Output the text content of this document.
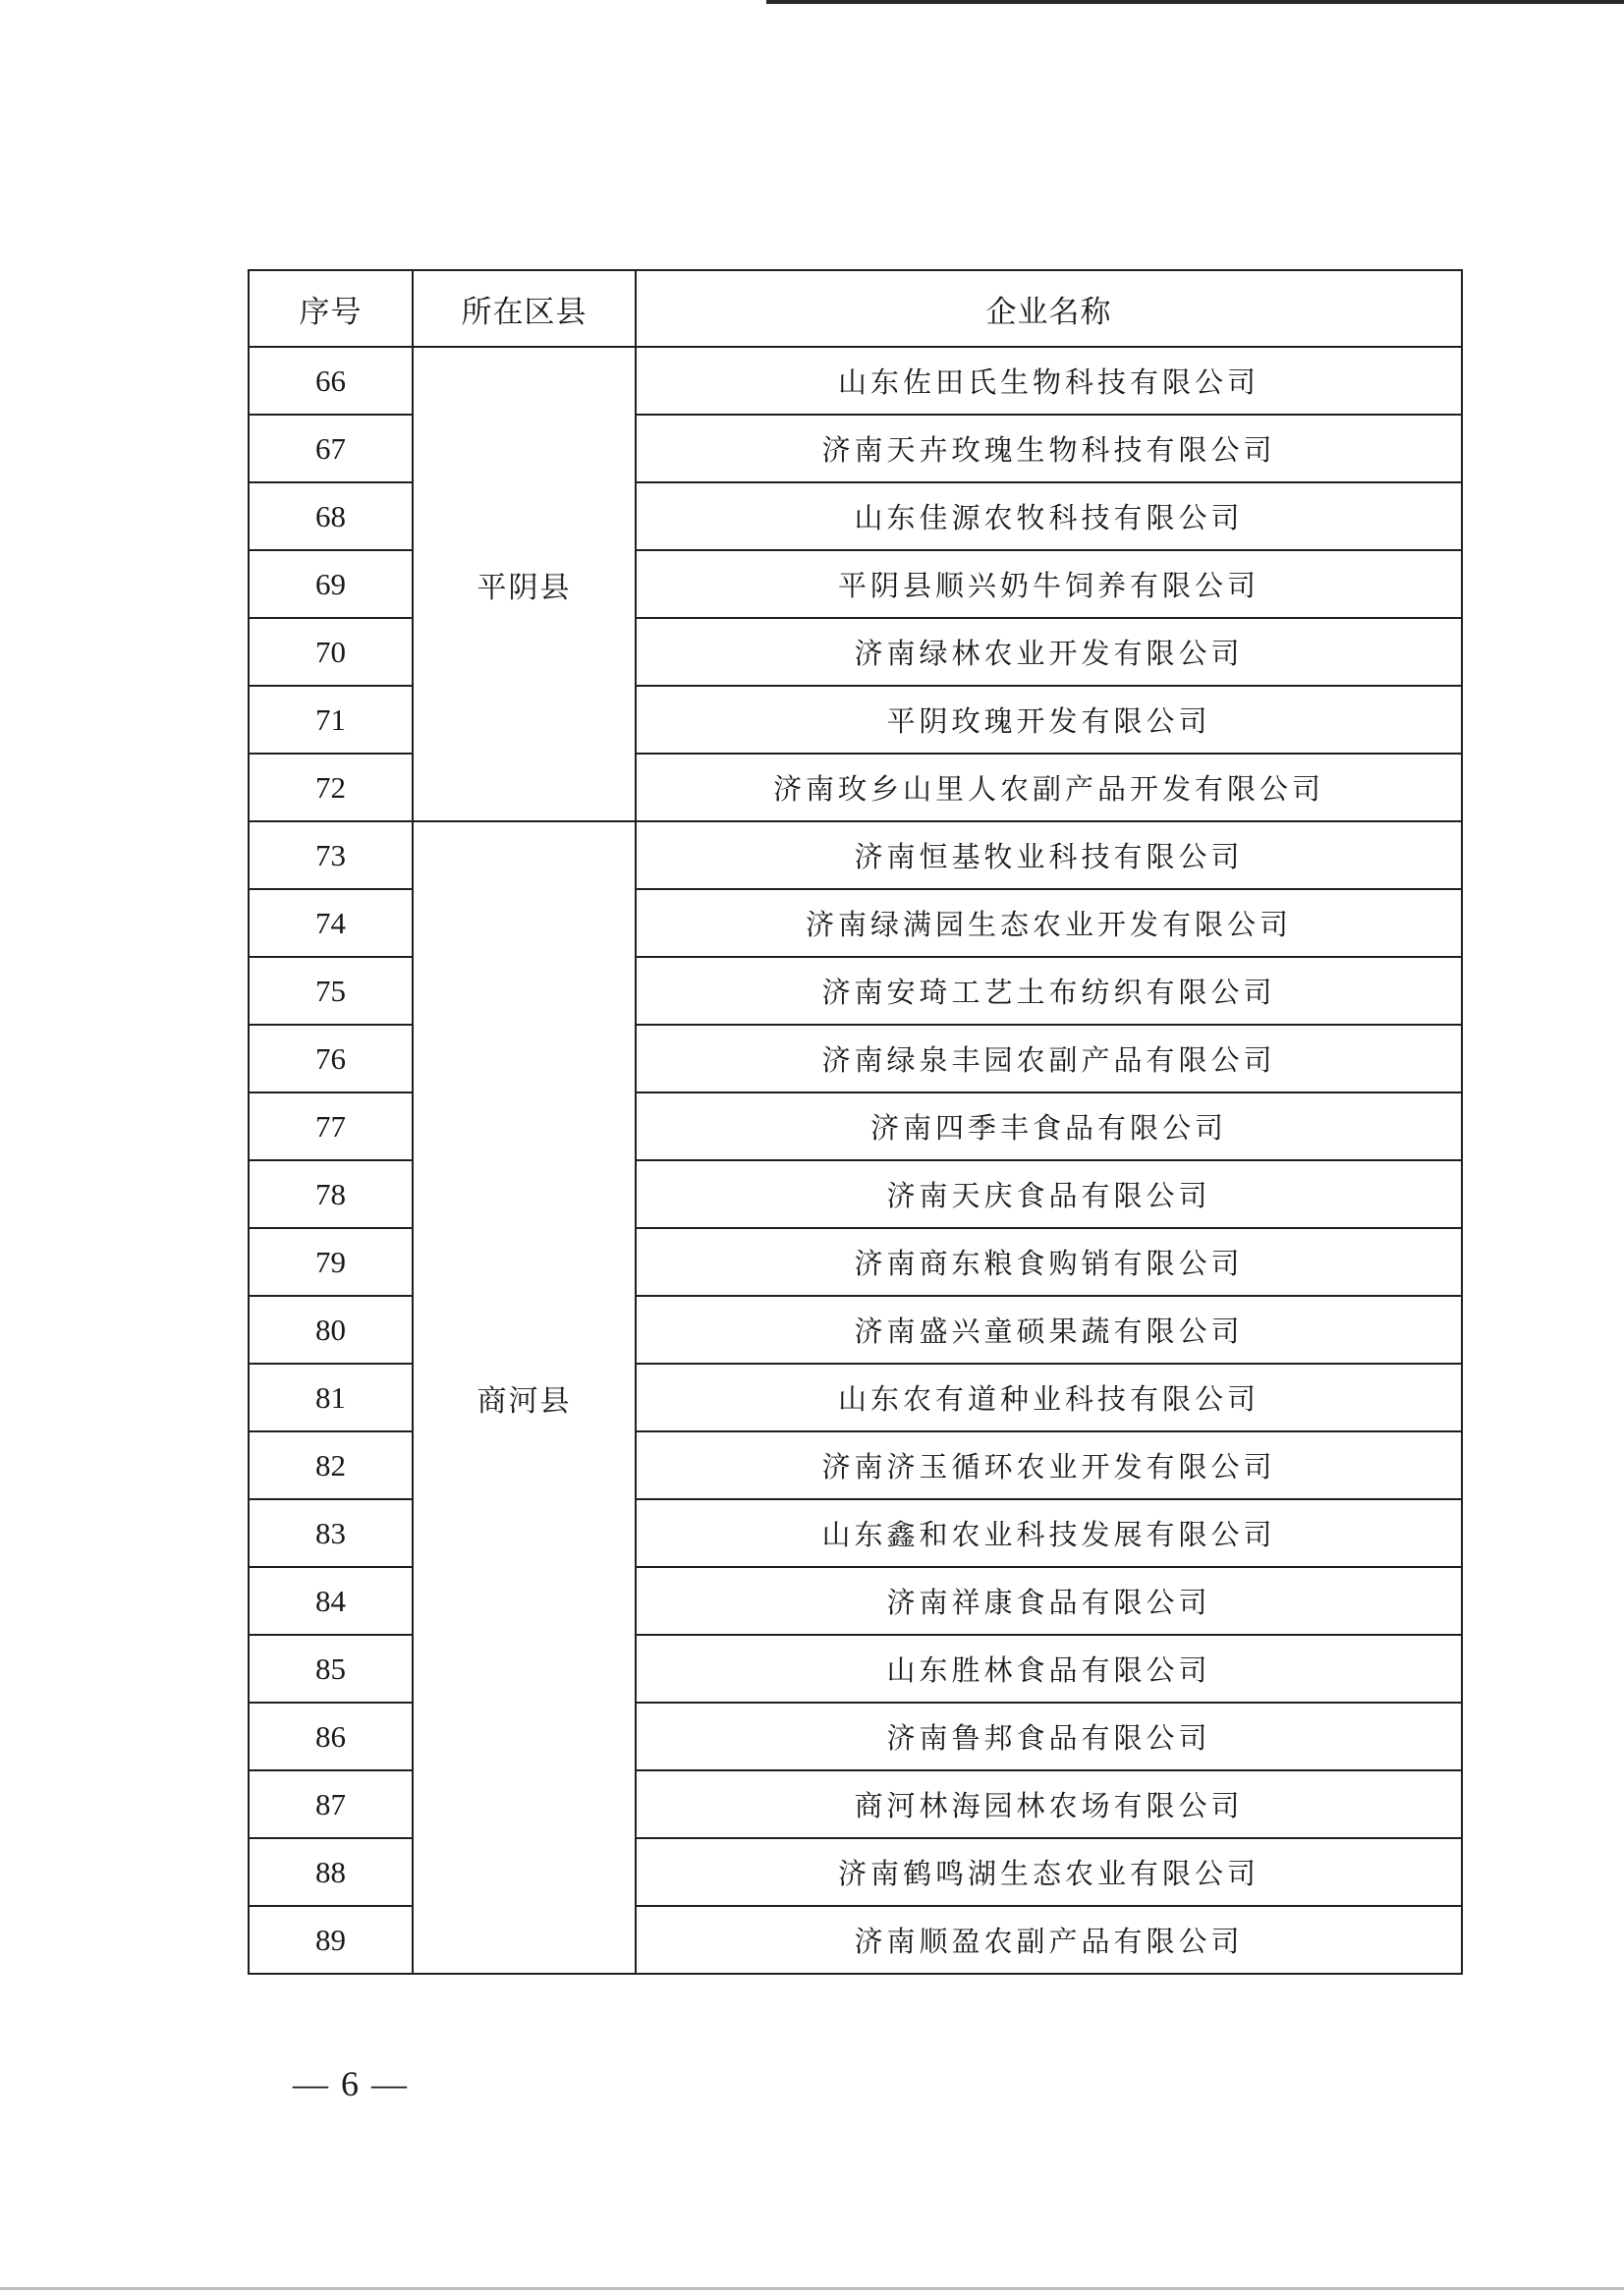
序号	所在区县	企业名称
66	平阴县	山东佐田氏生物科技有限公司
67		济南天卉玫瑰生物科技有限公司
68		山东佳源农牧科技有限公司
69		平阴县顺兴奶牛饲养有限公司
70		济南绿林农业开发有限公司
71		平阴玫瑰开发有限公司
72		济南玫乡山里人农副产品开发有限公司
73	商河县	济南恒基牧业科技有限公司
74		济南绿满园生态农业开发有限公司
75		济南安琦工艺土布纺织有限公司
76		济南绿泉丰园农副产品有限公司
77		济南四季丰食品有限公司
78		济南天庆食品有限公司
79		济南商东粮食购销有限公司
80		济南盛兴童硕果蔬有限公司
81		山东农有道种业科技有限公司
82		济南济玉循环农业开发有限公司
83		山东鑫和农业科技发展有限公司
84		济南祥康食品有限公司
85		山东胜林食品有限公司
86		济南鲁邦食品有限公司
87		商河林海园林农场有限公司
88		济南鹤鸣湖生态农业有限公司
89		济南顺盈农副产品有限公司
— 6 —
